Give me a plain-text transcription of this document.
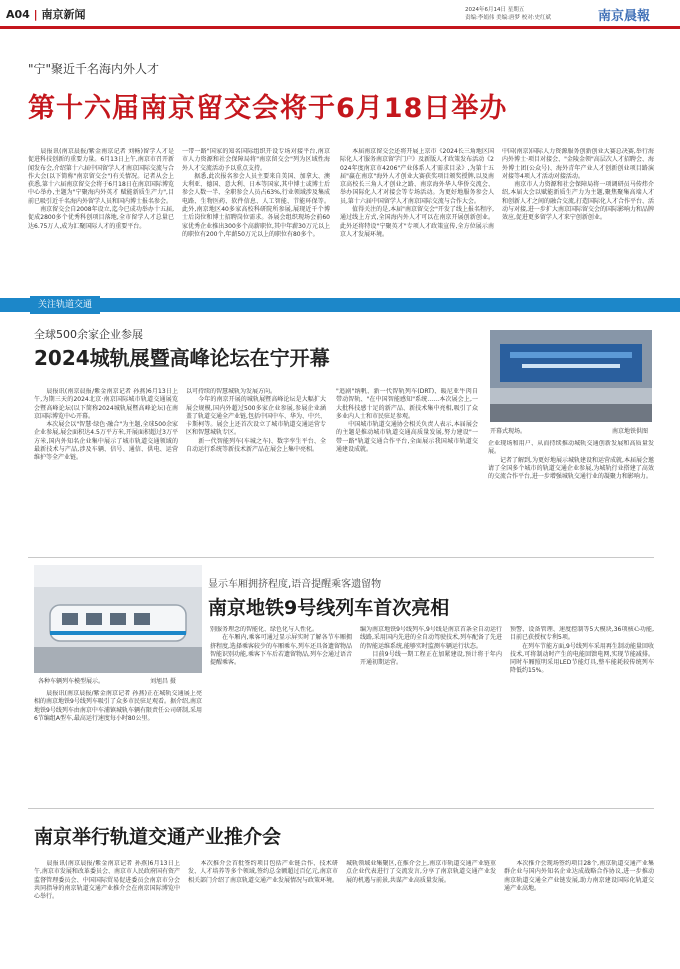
A04 | 南京新闻	2024年6月14日 星期五
责编:李娟伟 美编:唐梦 校对:史红斌	南京晨報
"宁"聚近千名海内外人才
第十六届南京留交会将于6月18日举办
　　晨报讯(南京晨报/紫金南京记者 刘畅)留学人才是促进科技创新的重要力量。6月13日上午,南京市召开新闻发布会,介绍第十六届中国留学人才南京国际交流与合作大会(以下简称"南京留交会")有关情况。记者从会上获悉,第十六届南京留交会将于6月18日在南京国际博览中心举办,主题为"宁聚海内外英才 赋能新质生产力",目前已吸引近千名海内外留学人员和国内博士报名参会。
　　南京留交会自2008年设立,迄今已成功举办十五届,促成2800多个优秀科创项目落地,全市留学人才总量已达6.75万人,成为汇聚国际人才的重要平台。
一带一路"国家的知名国际组织开设专场对接平台,南京市人力资源和社会保障局将"南京留交会"列为区域性海外人才交流活动予以重点支持。
　　据悉,此次报名参会人员主要来自美国、加拿大、澳大利亚、德国、意大利、日本等国家,其中博士或博士后参会人数一半、全职参会人员占63%,行业领域涉及集成电路、生物医药、软件信息、人工智能、节能环保等。此外,南京地区40多家高校科研院所参展,展现近千个博士后岗位和博士招聘岗位需求。各展会组织现场会前60家优秀企业推出300多个高薪职位,其中年薪30万元以上的职位有200个,年薪50万元以上的职位有80多个。
　　本届南京留交会还将开展上京市《2024长三角地区国际化人才服务南京留学门户》及新版人才政策发布活动《2024年度南京市4206"产业体系人才需求目录》,为第十五届"赢在南京"海外人才创业大赛获奖项目颁奖授牌,以及南京高校长三角人才创业之路、南京海外华人华侨交流会、举办国际化人才对接会等专场活动。为更好地服务参会人员,第十六届中国留学人才南京国际交流与合作大会。
　　值得关注的是,本届"南京留交会"开发了线上报名程序,通过线上方式,全国海内外人才可以在南京开展创新创业。此外还将特设"宁聚英才"专项人才政策宣传,全方位展示南京人才发展环境。
中国(南京)国际人力资源服务创新创业大赛总决赛,举行海内外博士·项目对接会、"金陵金领"高层次人才招聘会、海外博士团(公众号)、海外青年产业人才创新创业项目路演对接等4项人才活动对接活动。
　　南京市人力资源和社会保障局将一项调研员马传炜介绍,本届大会以赋能新质生产力为主题,聚焦聚集高端人才和创新人才之间的融合交流,打造国际化人才合作平台、活动与对接,进一步扩大南京国际留交会的国际影响力和品牌效应,促进更多留学人才来宁创新创业。
关注轨道交通
全球500余家企业参展
2024城轨展暨高峰论坛在宁开幕
　　晨报讯(南京晨报/紫金南京记者 孙燕)6月13日上午,为期三天的2024北京·南京国际城市轨道交通展览会暨高峰论坛(以下简称2024城轨展暨高峰论坛)在南京国际博览中心开幕。
　　本次展会以"智慧·绿色·融合"为主题,全球500余家企业参展,展会面积达4.5万平方米,开展面积超过3万平方米,国内外知名企业集中展示了城市轨道交通领域的最新技术与产品,涉及车辆、信号、通信、供电、运营维护等全产业链。
以可持续的智慧城轨为发展方向。
　　今年的南京开展的城轨展暨高峰论坛是大幅扩大展会规模,国内外超过500多家企业参展,参展企业涵盖了轨道交通全产业链,包括中国中车、华为、中兴、卡斯柯等。展会上还首次设立了城市轨道交通运营专区和智慧城轨专区。
　　新一代智能列车(车城之车)、数字孪生平台、全自动运行系统等新技术新产品在展会上集中亮相。
"追剧"纳帆、新一代智轨列车(DRT)、暖尼亚牛肉自带动智轨、"在中国智能感知"系统……本次展会上,一大批科技感十足的新产品、新技术集中亮相,吸引了众多业内人士和市民驻足参观。
　　中国城市轨道交通协会相关负责人表示,本届展会的主题是推动城市轨道交通高质量发展,努力建设"一带一路"轨道交通合作平台,全面展示我国城市轨道交通建设成就。
开幕式现场。	南京地铁供图
企业现场和用户、从而持续推动城轨交通创新发展和高质量发展。
　　记者了解到,为更好地展示城轨建设和运营成就,本届展会邀请了全国多个城市的轨道交通企业参展,为城轨行业搭建了高效的交流合作平台,进一步增强城轨交通行业的凝聚力和影响力。
各种车辆列车模型展示。	刘旭昌 摄
　　晨报讯(南京晨报/紫金南京记者 孙燕)正在城轨交通展上亮相的南京地铁9号线列车吸引了众多市民驻足观看。据介绍,南京地铁9号线列车由南京中车浦镇城轨车辆有限责任公司研制,采用6节编组A型车,最高运行速度每小时80公里。
显示车厢拥挤程度,语音提醒乘客遗留物
南京地铁9号线列车首次亮相
别服务理念的智能化、绿色化与人性化。
　　在车厢内,乘客可通过显示屏实时了解各节车厢拥挤程度,选择乘客较少的车厢乘车,列车还具备遗留物品智能识别功能,乘客下车后若遗留物品,列车会通过语音提醒乘客。
编为南京地铁9号线列车,9号线是南京首条全自动运行线路,采用国内先进的全自动驾驶技术,列车配备了先进的智能运维系统,能够实时监测车辆运行状态。
　　目前9号线一期工程正在加紧建设,预计将于年内开通初期运营。
预警、设备管理、速度控制等5大模块,36项核心功能,目前已获授权专利5项。
　　在列车节能方面,9号线列车采用再生制动能量回收技术,可将制动时产生的电能回馈电网,实现节能减排。同时车厢照明采用LED节能灯具,整车能耗较传统列车降低约15%。
南京举行轨道交通产业推介会
　　晨报讯(南京晨报/紫金南京记者 孙燕)6月13日上午,南京市发展和改革委员会、南京市人民政府国有资产监督管理委员会、中国国际贸易促进委员会南京市分会共同指导的南京轨道交通产业推介会在南京国际博览中心举行。
　　本次推介会首批签约项目包括产业链合作、技术研发、人才培养等多个领域,签约总金额超过百亿元,南京市相关部门介绍了南京轨道交通产业发展情况与政策环境。
城轨领域业集聚区,在推介会上,南京市轨道交通产业链重点企业代表进行了交流发言,分享了南京轨道交通产业发展的机遇与前景,共谋产业高质量发展。
　　本次推介会现场签约项目28个,南京轨道交通产业集群企业与国内外知名企业达成战略合作协议,进一步推动南京轨道交通全产业链发展,助力南京建设国际化轨道交通产业高地。
